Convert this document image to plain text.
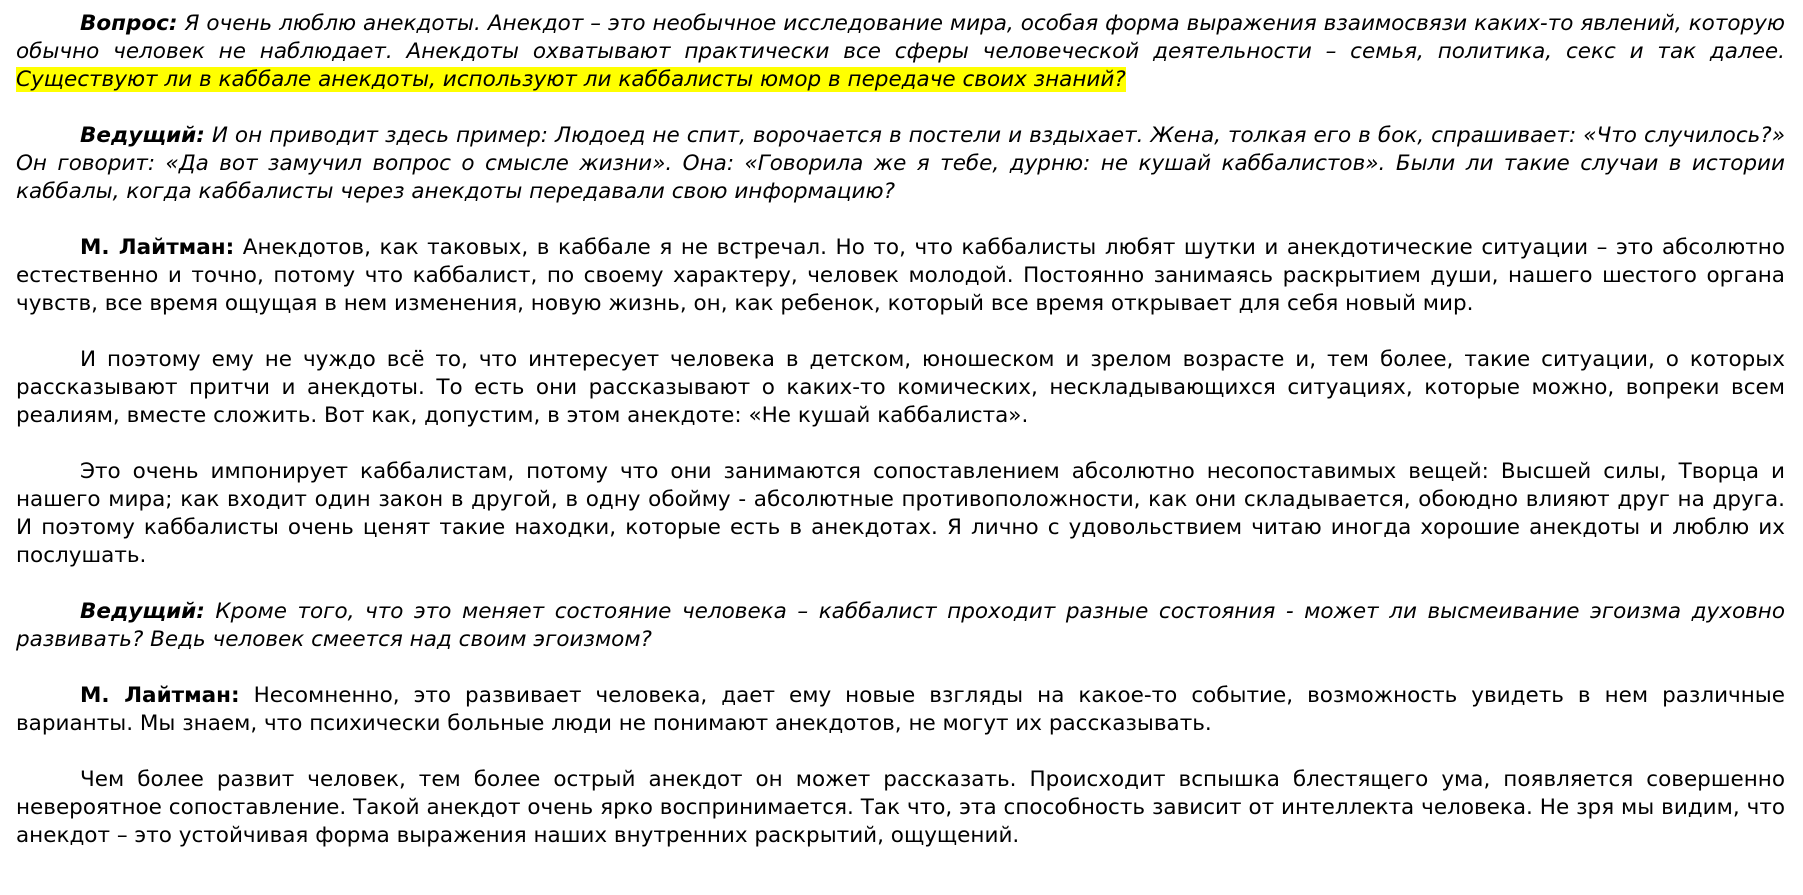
Вопрос: Я очень люблю анекдоты. Анекдот – это необычное исследование мира, особая форма выражения взаимосвязи каких-то явлений, которую обычно человек не наблюдает. Анекдоты охватывают практически все сферы человеческой деятельности – семья, политика, секс и так далее. Существуют ли в каббале анекдоты, используют ли каббалисты юмор в передаче своих знаний?

Ведущий: И он приводит здесь пример: Людоед не спит, ворочается в постели и вздыхает. Жена, толкая его в бок, спрашивает: «Что случилось?» Он говорит: «Да вот замучил вопрос о смысле жизни». Она: «Говорила же я тебе, дурню: не кушай каббалистов». Были ли такие случаи в истории каббалы, когда каббалисты через анекдоты передавали свою информацию?

М. Лайтман: Анекдотов, как таковых, в каббале я не встречал. Но то, что каббалисты любят шутки и анекдотические ситуации – это абсолютно естественно и точно, потому что каббалист, по своему характеру, человек молодой. Постоянно занимаясь раскрытием души, нашего шестого органа чувств, все время ощущая в нем изменения, новую жизнь, он, как ребенок, который все время открывает для себя новый мир.

И поэтому ему не чуждо всё то, что интересует человека в детском, юношеском и зрелом возрасте и, тем более, такие ситуации, о которых рассказывают притчи и анекдоты. То есть они рассказывают о каких-то комических, нескладывающихся ситуациях, которые можно, вопреки всем реалиям, вместе сложить. Вот как, допустим, в этом анекдоте: «Не кушай каббалиста».

Это очень импонирует каббалистам, потому что они занимаются сопоставлением абсолютно несопоставимых вещей: Высшей силы, Творца и нашего мира; как входит один закон в другой, в одну обойму - абсолютные противоположности, как они складывается, обоюдно влияют друг на друга. И поэтому каббалисты очень ценят такие находки, которые есть в анекдотах. Я лично с удовольствием читаю иногда хорошие анекдоты и люблю их послушать.

Ведущий: Кроме того, что это меняет состояние человека – каббалист проходит разные состояния - может ли высмеивание эгоизма духовно развивать? Ведь человек смеется над своим эгоизмом?

М. Лайтман: Несомненно, это развивает человека, дает ему новые взгляды на какое-то событие, возможность увидеть в нем различные варианты. Мы знаем, что психически больные люди не понимают анекдотов, не могут их рассказывать.

Чем более развит человек, тем более острый анекдот он может рассказать. Происходит вспышка блестящего ума, появляется совершенно невероятное сопоставление. Такой анекдот очень ярко воспринимается. Так что, эта способность зависит от интеллекта человека. Не зря мы видим, что анекдот – это устойчивая форма выражения наших внутренних раскрытий, ощущений.
